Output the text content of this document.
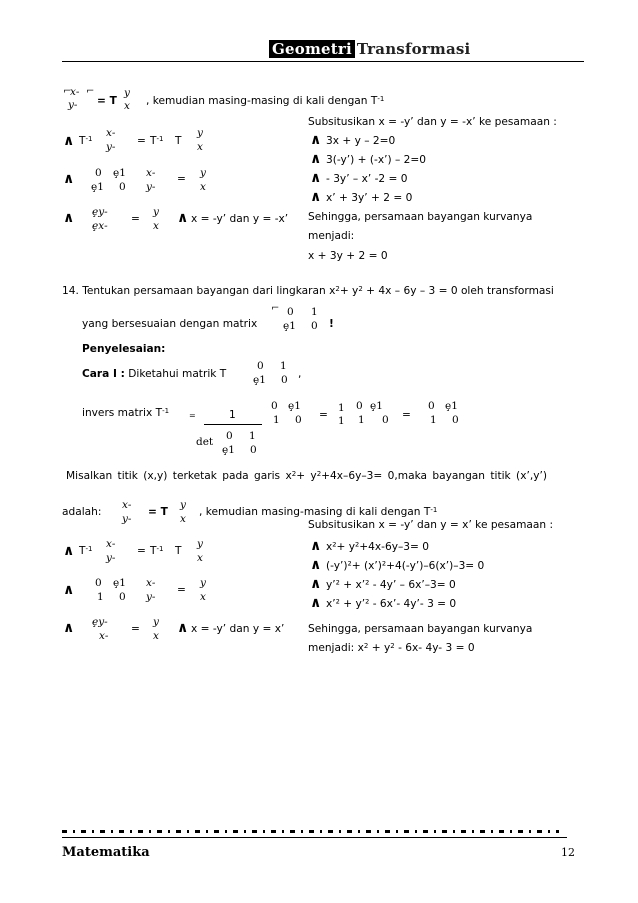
Geometri Transformasi
⌐
x‑ ⌐
y‑ = T
y
x , kemudian masing-masing di kali dengan $T^{-1}$
∧ $T^{-1}$ x‑
y‑ = $T^{-1}$ T
y
x
∧ 0 ȩ1
ȩ1 0
x‑
y‑
= y
x
∧ ȩy‑
ȩx‑
=
y
x ∧ x = -y’ dan y = -x’
Subsitusikan x = -y’ dan y = -x’ ke pesamaan :
∧ 3x + y – 2=0
∧ 3(-y’) + (-x’) – 2=0
∧ - 3y’ – x’ -2 = 0
∧ x’ + 3y’ + 2 = 0
Sehingga, persamaan bayangan kurvanya
menjadi:
x + 3y + 2 = 0
14. Tentukan persamaan bayangan dari lingkaran $x^2+ y^2 + 4x - 6y - 3 = 0$ oleh transformasi
yang bersesuaian dengan matrix
⌐ 0 1
ȩ1 0 !
Penyelesaian:
Cara I : Diketahui matrik T
0 1
ȩ1 0 ,
invers matrix $T^{-1}$ =	1
det 0 1
ȩ1 0
0 ȩ1
1 0 =
1
1
0 ȩ1
1 0 =
0 ȩ1
1 0
Misalkan titik (x,y) terketak pada garis $x^2+ y^2+4x-6y-3=$ 0,maka bayangan titik (x’,y’)
adalah:
x‑
y‑
= T
y
x
, kemudian masing-masing di kali dengan $T^{-1}$
∧ $T^{-1}$ x‑
y‑
= $T^{-1}$ T
y
x
∧ 0 ȩ1
1 0
x‑
y‑
=
y
x
∧ ȩy‑
x‑
=
y
x ∧ x = -y’ dan y = x’
Subsitusikan x = -y’ dan y = x’ ke pesamaan :
∧ x²+ y²+4x-6y–3= 0
∧ (-y’)²+ (x’)²+4(-y’)–6(x’)–3= 0
∧ y’² + x’² - 4y’ – 6x’–3= 0
∧ x’² + y’² - 6x’- 4y’- 3 = 0
Sehingga, persamaan bayangan kurvanya
menjadi: $x^2 + y^2 - 6x-$ 4y- 3 = 0
Matematika	12
